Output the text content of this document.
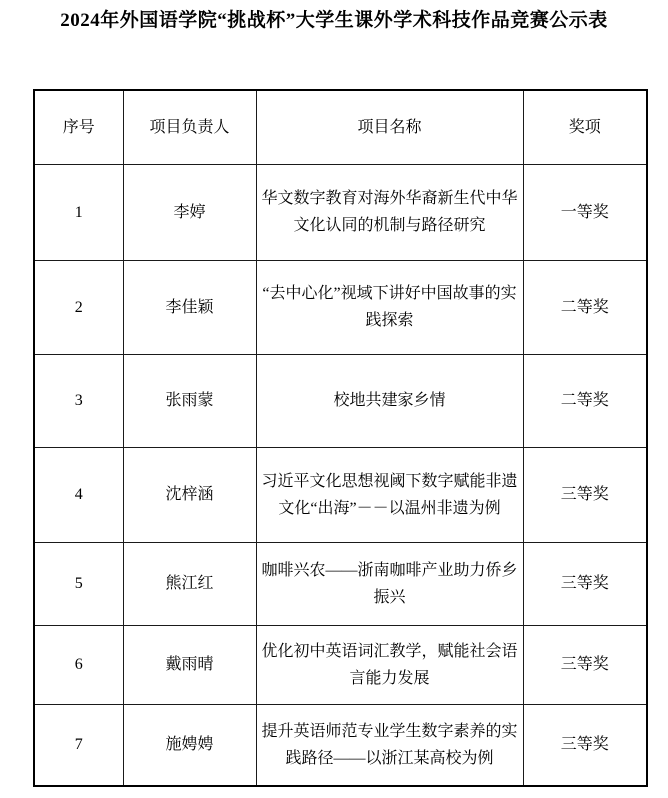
2024年外国语学院“挑战杯”大学生课外学术科技作品竞赛公示表
序号	项目负责人	项目名称	奖项
1	李婷	华文数字教育对海外华裔新生代中华文化认同的机制与路径研究	一等奖
2	李佳颖	“去中心化”视域下讲好中国故事的实践探索	二等奖
3	张雨蒙	校地共建家乡情	二等奖
4	沈梓涵	习近平文化思想视阈下数字赋能非遗文化“出海”－－以温州非遗为例	三等奖
5	熊江红	咖啡兴农——浙南咖啡产业助力侨乡振兴	三等奖
6	戴雨晴	优化初中英语词汇教学，赋能社会语言能力发展	三等奖
7	施娉娉	提升英语师范专业学生数字素养的实践路径——以浙江某高校为例	三等奖
